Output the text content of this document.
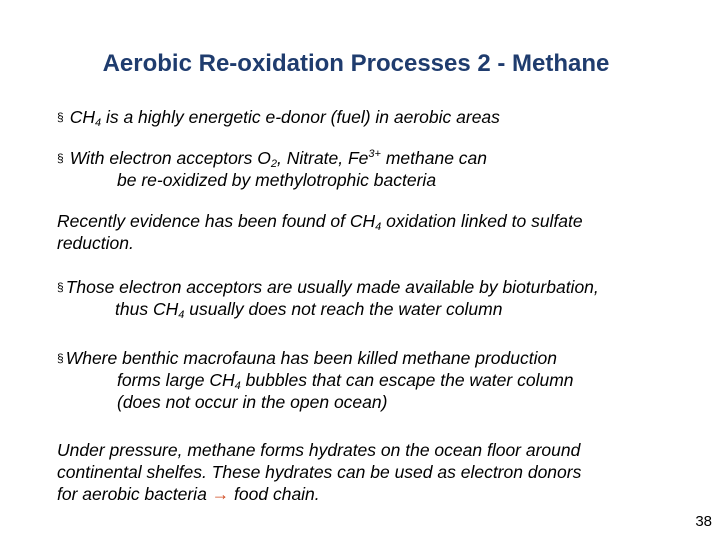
Aerobic Re-oxidation Processes 2 - Methane
§ $CH_4$ is a highly energetic e-donor (fuel) in aerobic areas
§ With electron acceptors $O_2$, Nitrate, $Fe^{3+}$ methane can
be re-oxidized by methylotrophic bacteria
Recently evidence has been found of $CH_4$ oxidation linked to sulfate
reduction.
§ Those electron acceptors are usually made available by bioturbation,
thus $CH_4$ usually does not reach the water column
§ Where benthic macrofauna has been killed methane production
forms large $CH_4$ bubbles that can escape the water column
(does not occur in the open ocean)
Under pressure, methane forms hydrates on the ocean floor around
continental shelfes. These hydrates can be used as electron donors
for aerobic bacteria → food chain.
38
